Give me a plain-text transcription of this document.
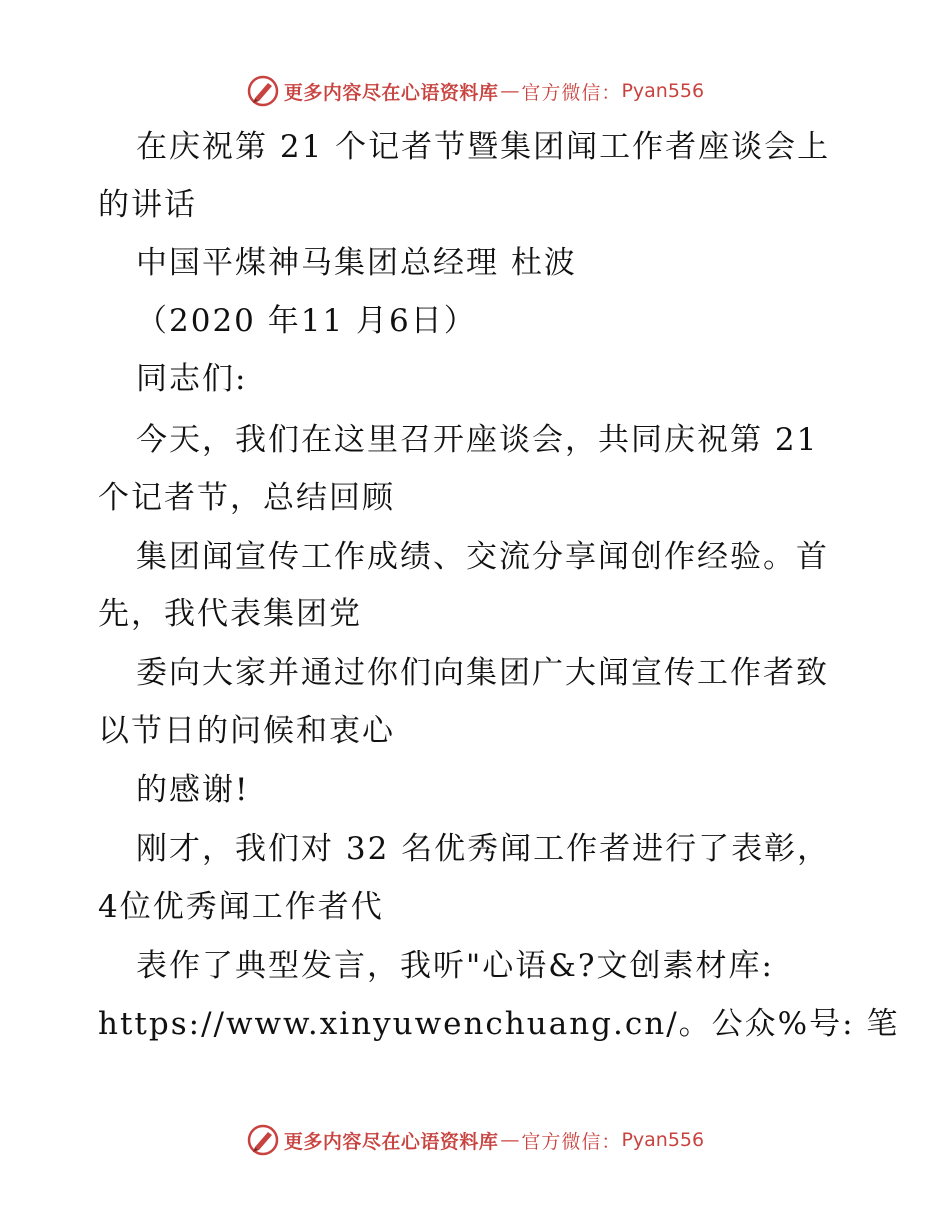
更多内容尽在心语资料库 — 官方微信： Pyan556
在庆祝第 21 个记者节暨集团闻工作者座谈会上
的讲话
中国平煤神马集团总经理 杜波
（2020 年11 月6日）
同志们:
今天，我们在这里召开座谈会，共同庆祝第 21
个记者节，总结回顾
集团闻宣传工作成绩、交流分享闻创作经验。首
先，我代表集团党
委向大家并通过你们向集团广大闻宣传工作者致
以节日的问候和衷心
的感谢!
刚才，我们对 32 名优秀闻工作者进行了表彰，
4位优秀闻工作者代
表作了典型发言，我听"心语&?文创素材库:
https://www.xinyuwenchuang.cn/。公众%号: 笔
更多内容尽在心语资料库 — 官方微信： Pyan556
